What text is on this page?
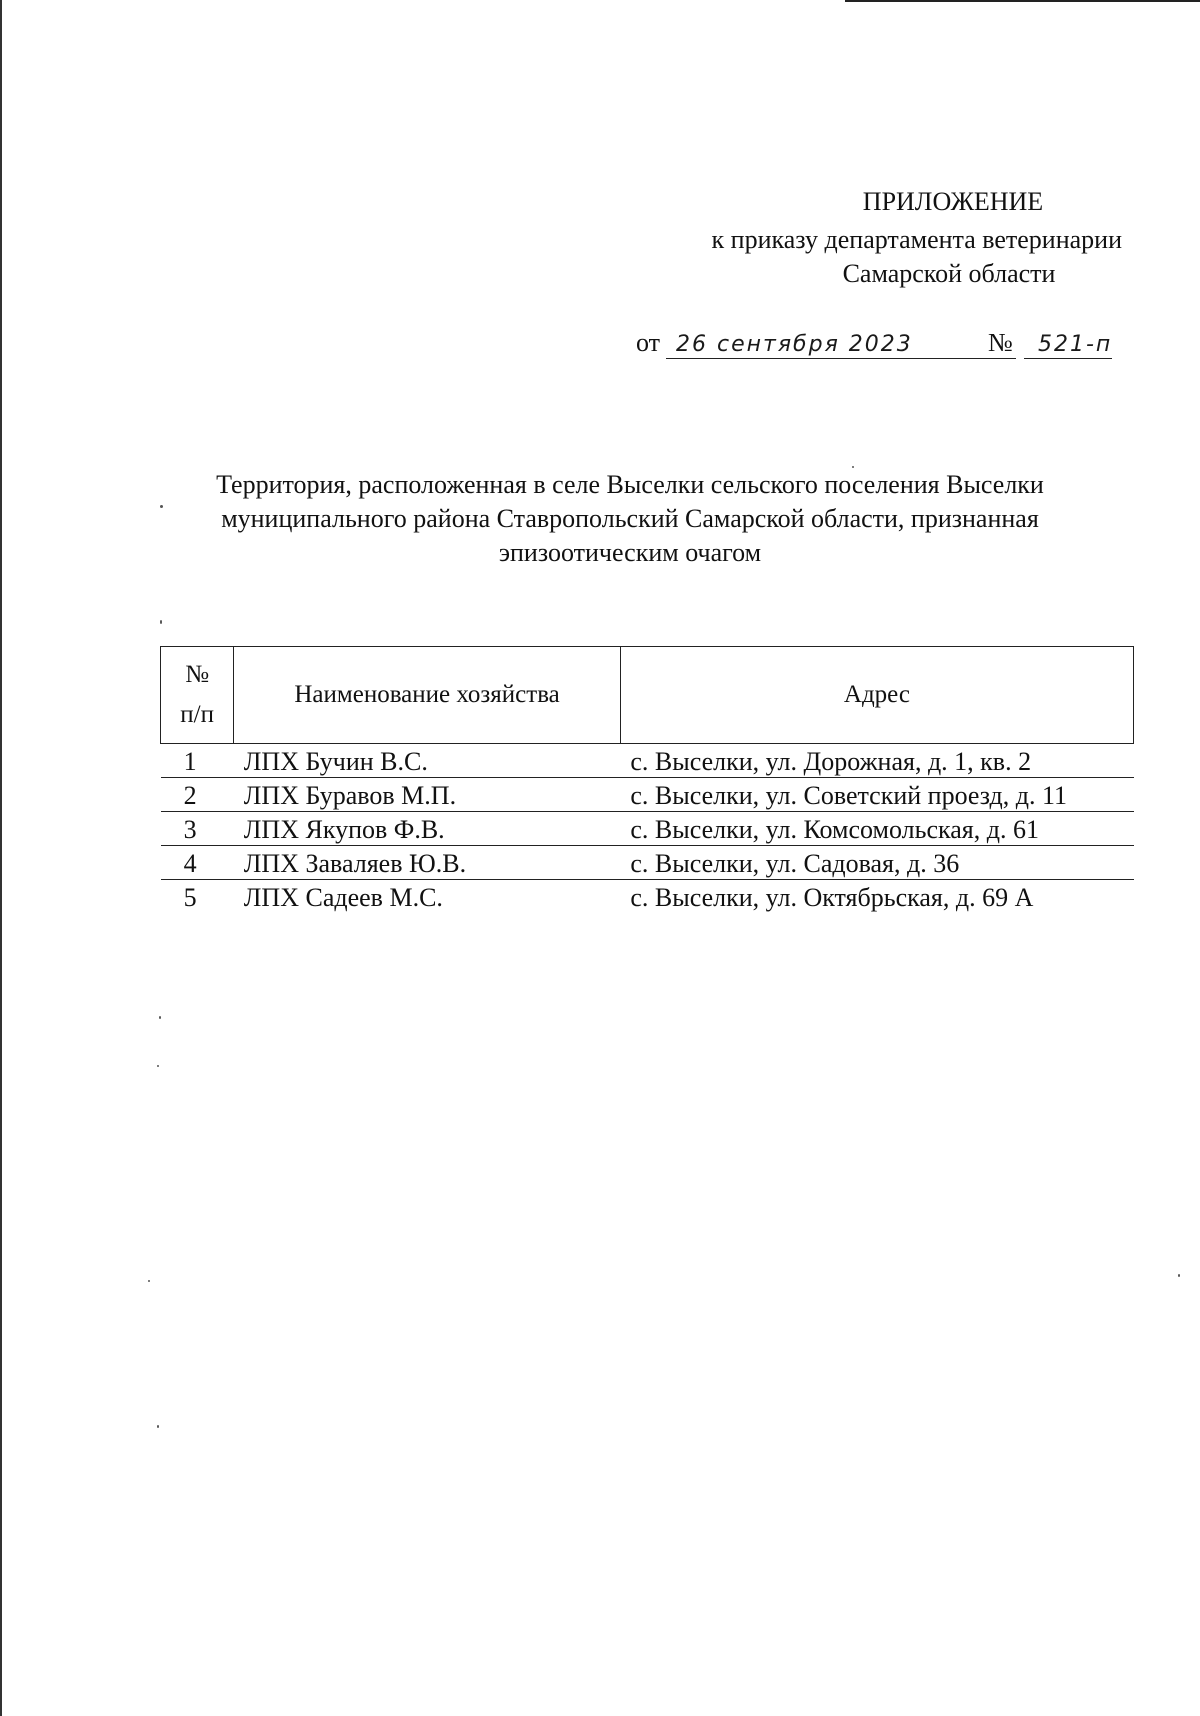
ПРИЛОЖЕНИЕ
к приказу департамента ветеринарии
Самарской области
от 26 сентября 2023	№ 521-п
Территория, расположенная в селе Выселки сельского поселения Выселки
муниципального района Ставропольский Самарской области, признанная
эпизоотическим очагом
№
п/п	Наименование хозяйства	Адрес
1	ЛПХ Бучин В.С.	с. Выселки, ул. Дорожная, д. 1, кв. 2
2	ЛПХ Буравов М.П.	с. Выселки, ул. Советский проезд, д. 11
3	ЛПХ Якупов Ф.В.	с. Выселки, ул. Комсомольская, д. 61
4	ЛПХ Заваляев Ю.В.	с. Выселки, ул. Садовая, д. 36
5	ЛПХ Садеев М.С.	с. Выселки, ул. Октябрьская, д. 69 А
